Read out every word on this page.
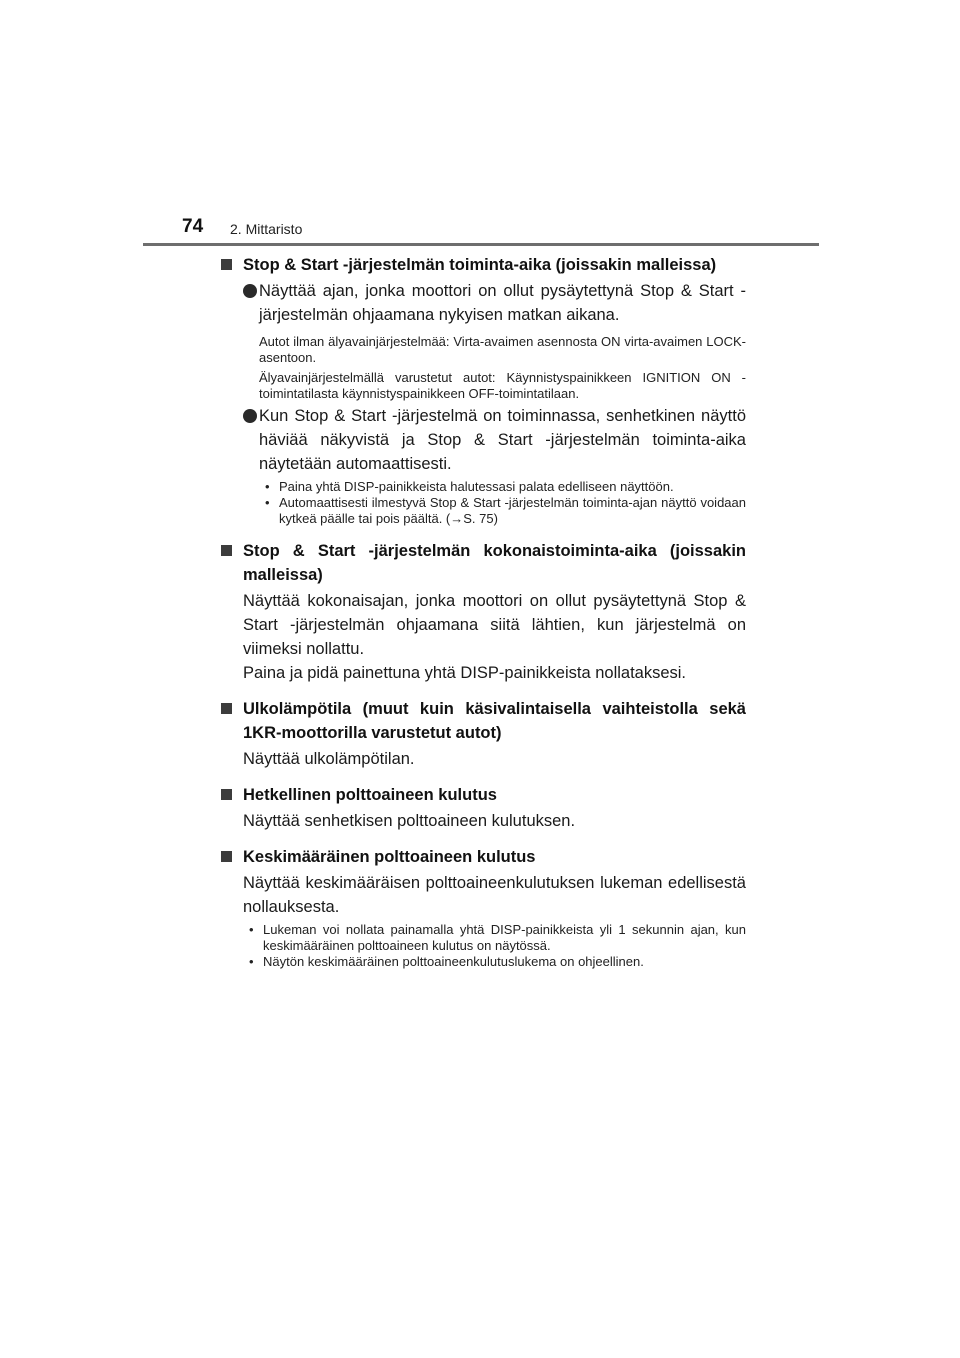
74 2. Mittaristo

Stop & Start -järjestelmän toiminta-aika (joissakin malleissa)

Näyttää ajan, jonka moottori on ollut pysäytettynä Stop & Start -järjestelmän ohjaamana nykyisen matkan aikana.

Autot ilman älyavainjärjestelmää: Virta-avaimen asennosta ON virta-avaimen LOCK-asentoon.

Älyavainjärjestelmällä varustetut autot: Käynnistyspainikkeen IGNITION ON -toimintatilasta käynnistyspainikkeen OFF-toimintatilaan.

Kun Stop & Start -järjestelmä on toiminnassa, senhetkinen näyttö häviää näkyvistä ja Stop & Start -järjestelmän toiminta-aika näytetään automaattisesti.

• Paina yhtä DISP-painikkeista halutessasi palata edelliseen näyttöön.
• Automaattisesti ilmestyvä Stop & Start -järjestelmän toiminta-ajan näyttö voidaan kytkeä päälle tai pois päältä. (→S. 75)

Stop & Start -järjestelmän kokonaistoiminta-aika (joissakin malleissa)

Näyttää kokonaisajan, jonka moottori on ollut pysäytettynä Stop & Start -järjestelmän ohjaamana siitä lähtien, kun järjestelmä on viimeksi nollattu.

Paina ja pidä painettuna yhtä DISP-painikkeista nollataksesi.

Ulkolämpötila (muut kuin käsivalintaisella vaihteistolla sekä 1KR-moottorilla varustetut autot)

Näyttää ulkolämpötilan.

Hetkellinen polttoaineen kulutus

Näyttää senhetkisen polttoaineen kulutuksen.

Keskimääräinen polttoaineen kulutus

Näyttää keskimääräisen polttoaineenkulutuksen lukeman edellisestä nollauksesta.

• Lukeman voi nollata painamalla yhtä DISP-painikkeista yli 1 sekunnin ajan, kun keskimääräinen polttoaineen kulutus on näytössä.
• Näytön keskimääräinen polttoaineenkulutuslukema on ohjeellinen.
